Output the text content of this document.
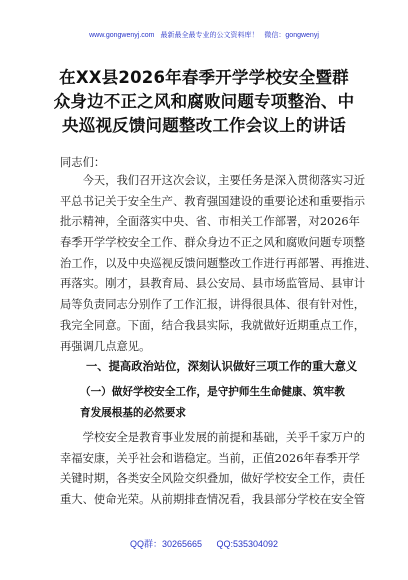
www.gongwenyj.com 最新最全最专业的公文资料库！ 微信：gongwenyj
在XX县2026年春季开学学校安全暨群
众身边不正之风和腐败问题专项整治、中
央巡视反馈问题整改工作会议上的讲话
同志们：
　　今天，我们召开这次会议，主要任务是深入贯彻落实习近
平总书记关于安全生产、教育强国建设的重要论述和重要指示
批示精神，全面落实中央、省、市相关工作部署，对2026年
春季开学学校安全工作、群众身边不正之风和腐败问题专项整
治工作，以及中央巡视反馈问题整改工作进行再部署、再推进、
再落实。刚才，县教育局、县公安局、县市场监管局、县审计
局等负责同志分别作了工作汇报，讲得很具体、很有针对性，
我完全同意。下面，结合我县实际，我就做好近期重点工作，
再强调几点意见。
一、提高政治站位，深刻认识做好三项工作的重大意义
（一）做好学校安全工作，是守护师生生命健康、筑牢教
育发展根基的必然要求
　　学校安全是教育事业发展的前提和基础，关乎千家万户的
幸福安康，关乎社会和谐稳定。当前，正值2026年春季开学
关键时期，各类安全风险交织叠加，做好学校安全工作，责任
重大、使命光荣。从前期排查情况看，我县部分学校在安全管
QQ群：30265665 QQ:535304092
